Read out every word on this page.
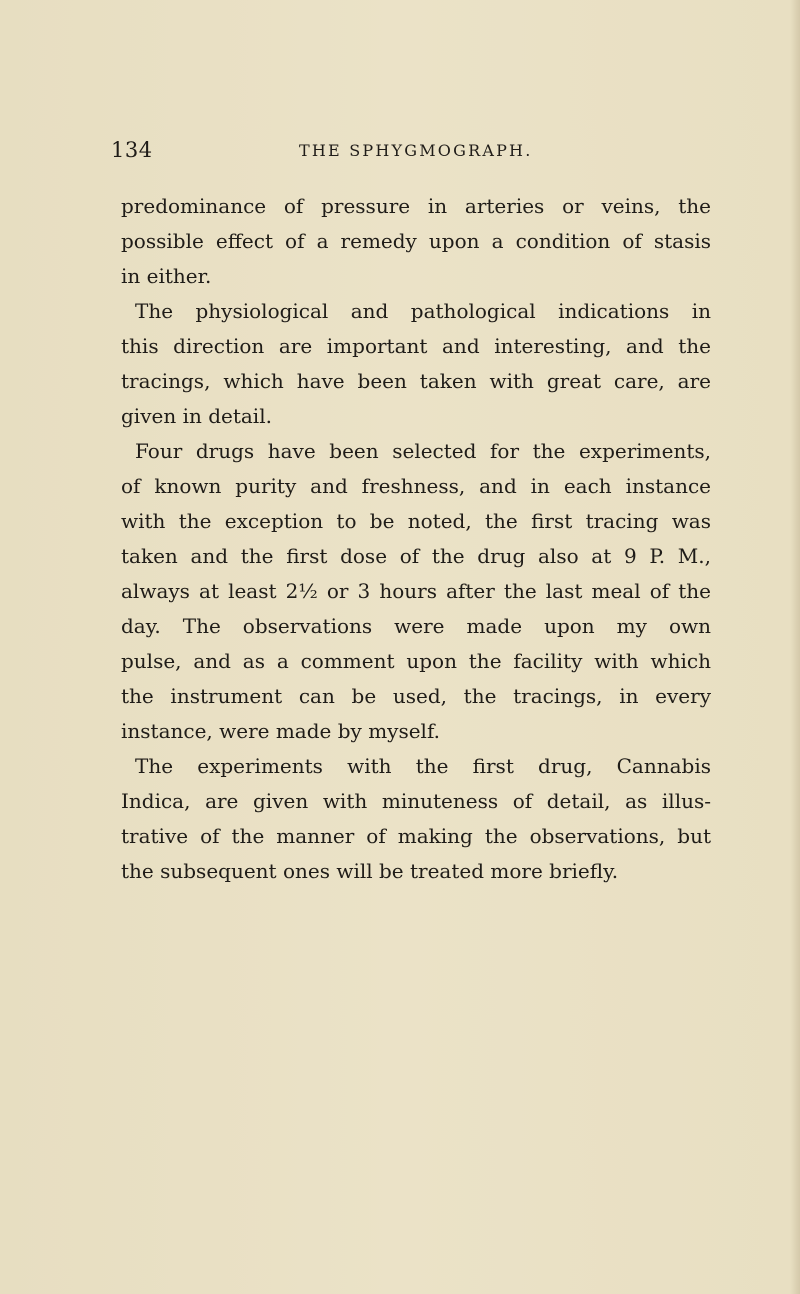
134	THE SPHYGMOGRAPH.
predominance of pressure in arteries or veins, the
possible effect of a remedy upon a condition of stasis
in either.
The physiological and pathological indications in
this direction are important and interesting, and the
tracings, which have been taken with great care, are
given in detail.
Four drugs have been selected for the experiments,
of known purity and freshness, and in each instance
with the exception to be noted, the first tracing was
taken and the first dose of the drug also at 9 P. M.,
always at least 2½ or 3 hours after the last meal of the
day. The observations were made upon my own
pulse, and as a comment upon the facility with which
the instrument can be used, the tracings, in every
instance, were made by myself.
The experiments with the first drug, Cannabis
Indica, are given with minuteness of detail, as illus-
trative of the manner of making the observations, but
the subsequent ones will be treated more briefly.
